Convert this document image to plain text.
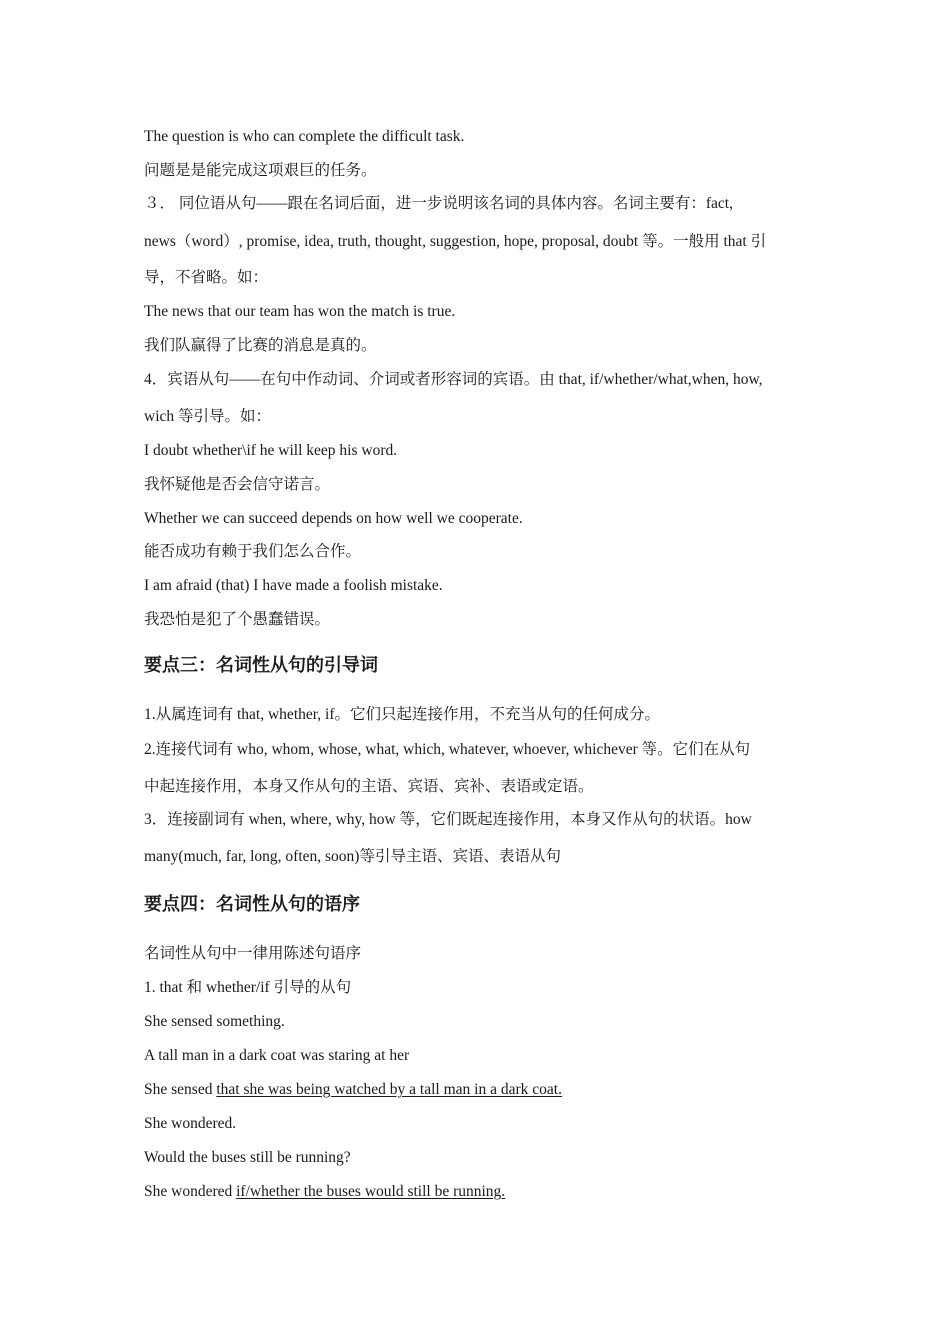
The question is who can complete the difficult task.
问题是是能完成这项艰巨的任务。
３． 同位语从句——跟在名词后面，进一步说明该名词的具体内容。名词主要有：fact,
news（word）, promise, idea, truth, thought, suggestion, hope, proposal, doubt 等。一般用 that 引
导，不省略。如：
The news that our team has won the match is true.
我们队赢得了比赛的消息是真的。
4．宾语从句——在句中作动词、介词或者形容词的宾语。由 that, if/whether/what,when, how,
wich 等引导。如：
I doubt whether\if he will keep his word.
我怀疑他是否会信守诺言。
Whether we can succeed depends on how well we cooperate.
能否成功有赖于我们怎么合作。
I am afraid (that) I have made a foolish mistake.
我恐怕是犯了个愚蠢错误。
要点三：名词性从句的引导词
1.从属连词有 that, whether, if。它们只起连接作用，不充当从句的任何成分。
2.连接代词有 who, whom, whose, what, which, whatever, whoever, whichever 等。它们在从句
中起连接作用，本身又作从句的主语、宾语、宾补、表语或定语。
3．连接副词有 when, where, why, how 等，它们既起连接作用，本身又作从句的状语。how
many(much, far, long, often, soon)等引导主语、宾语、表语从句
要点四：名词性从句的语序
名词性从句中一律用陈述句语序
1. that 和 whether/if 引导的从句
She sensed something.
A tall man in a dark coat was staring at her
She sensed that she was being watched by a tall man in a dark coat.
She wondered.
Would the buses still be running?
She wondered if/whether the buses would still be running.
